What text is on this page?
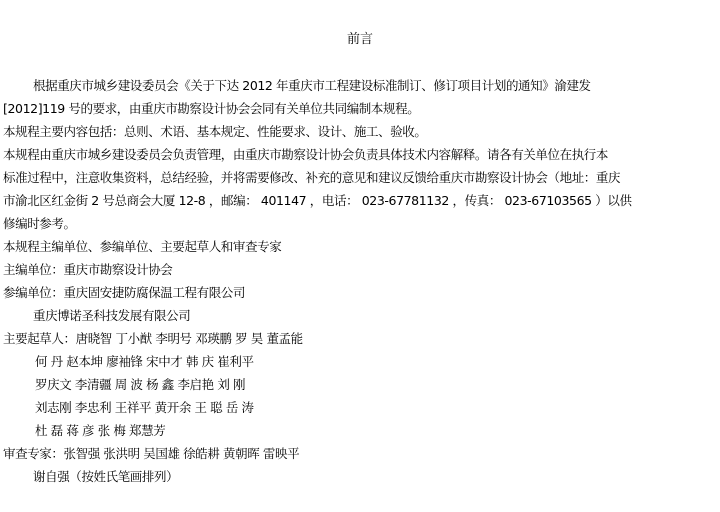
前言

根据重庆市城乡建设委员会《关于下达 2012 年重庆市工程建设标准制订、修订项目计划的通知》渝建发

[2012]119 号的要求，由重庆市勘察设计协会会同有关单位共同编制本规程。

本规程主要内容包括：总则、术语、基本规定、性能要求、设计、施工、验收。

本规程由重庆市城乡建设委员会负责管理，由重庆市勘察设计协会负责具体技术内容解释。请各有关单位在执行本

标准过程中，注意收集资料，总结经验，并将需要修改、补充的意见和建议反馈给重庆市勘察设计协会（地址：重庆

市渝北区红金街 2 号总商会大厦 12-8 ，邮编： 401147 ，电话： 023-67781132 ，传真： 023-67103565 ）以供

修编时参考。

本规程主编单位、参编单位、主要起草人和审查专家

主编单位：重庆市勘察设计协会

参编单位：重庆固安捷防腐保温工程有限公司

重庆博诺圣科技发展有限公司

主要起草人：唐晓智 丁小猷 李明号 邓瑛鹏 罗 昊 董孟能

何 丹 赵本坤 廖袖锋 宋中才 韩 庆 崔利平

罗庆文 李清疆 周 波 杨 鑫 李启艳 刘 刚

刘志刚 李忠利 王祥平 黄开余 王 聪 岳 涛

杜 磊 蒋 彦 张 梅 郑慧芳

审查专家：张智强 张洪明 吴国雄 徐皓耕 黄朝晖 雷映平

谢自强（按姓氏笔画排列）
